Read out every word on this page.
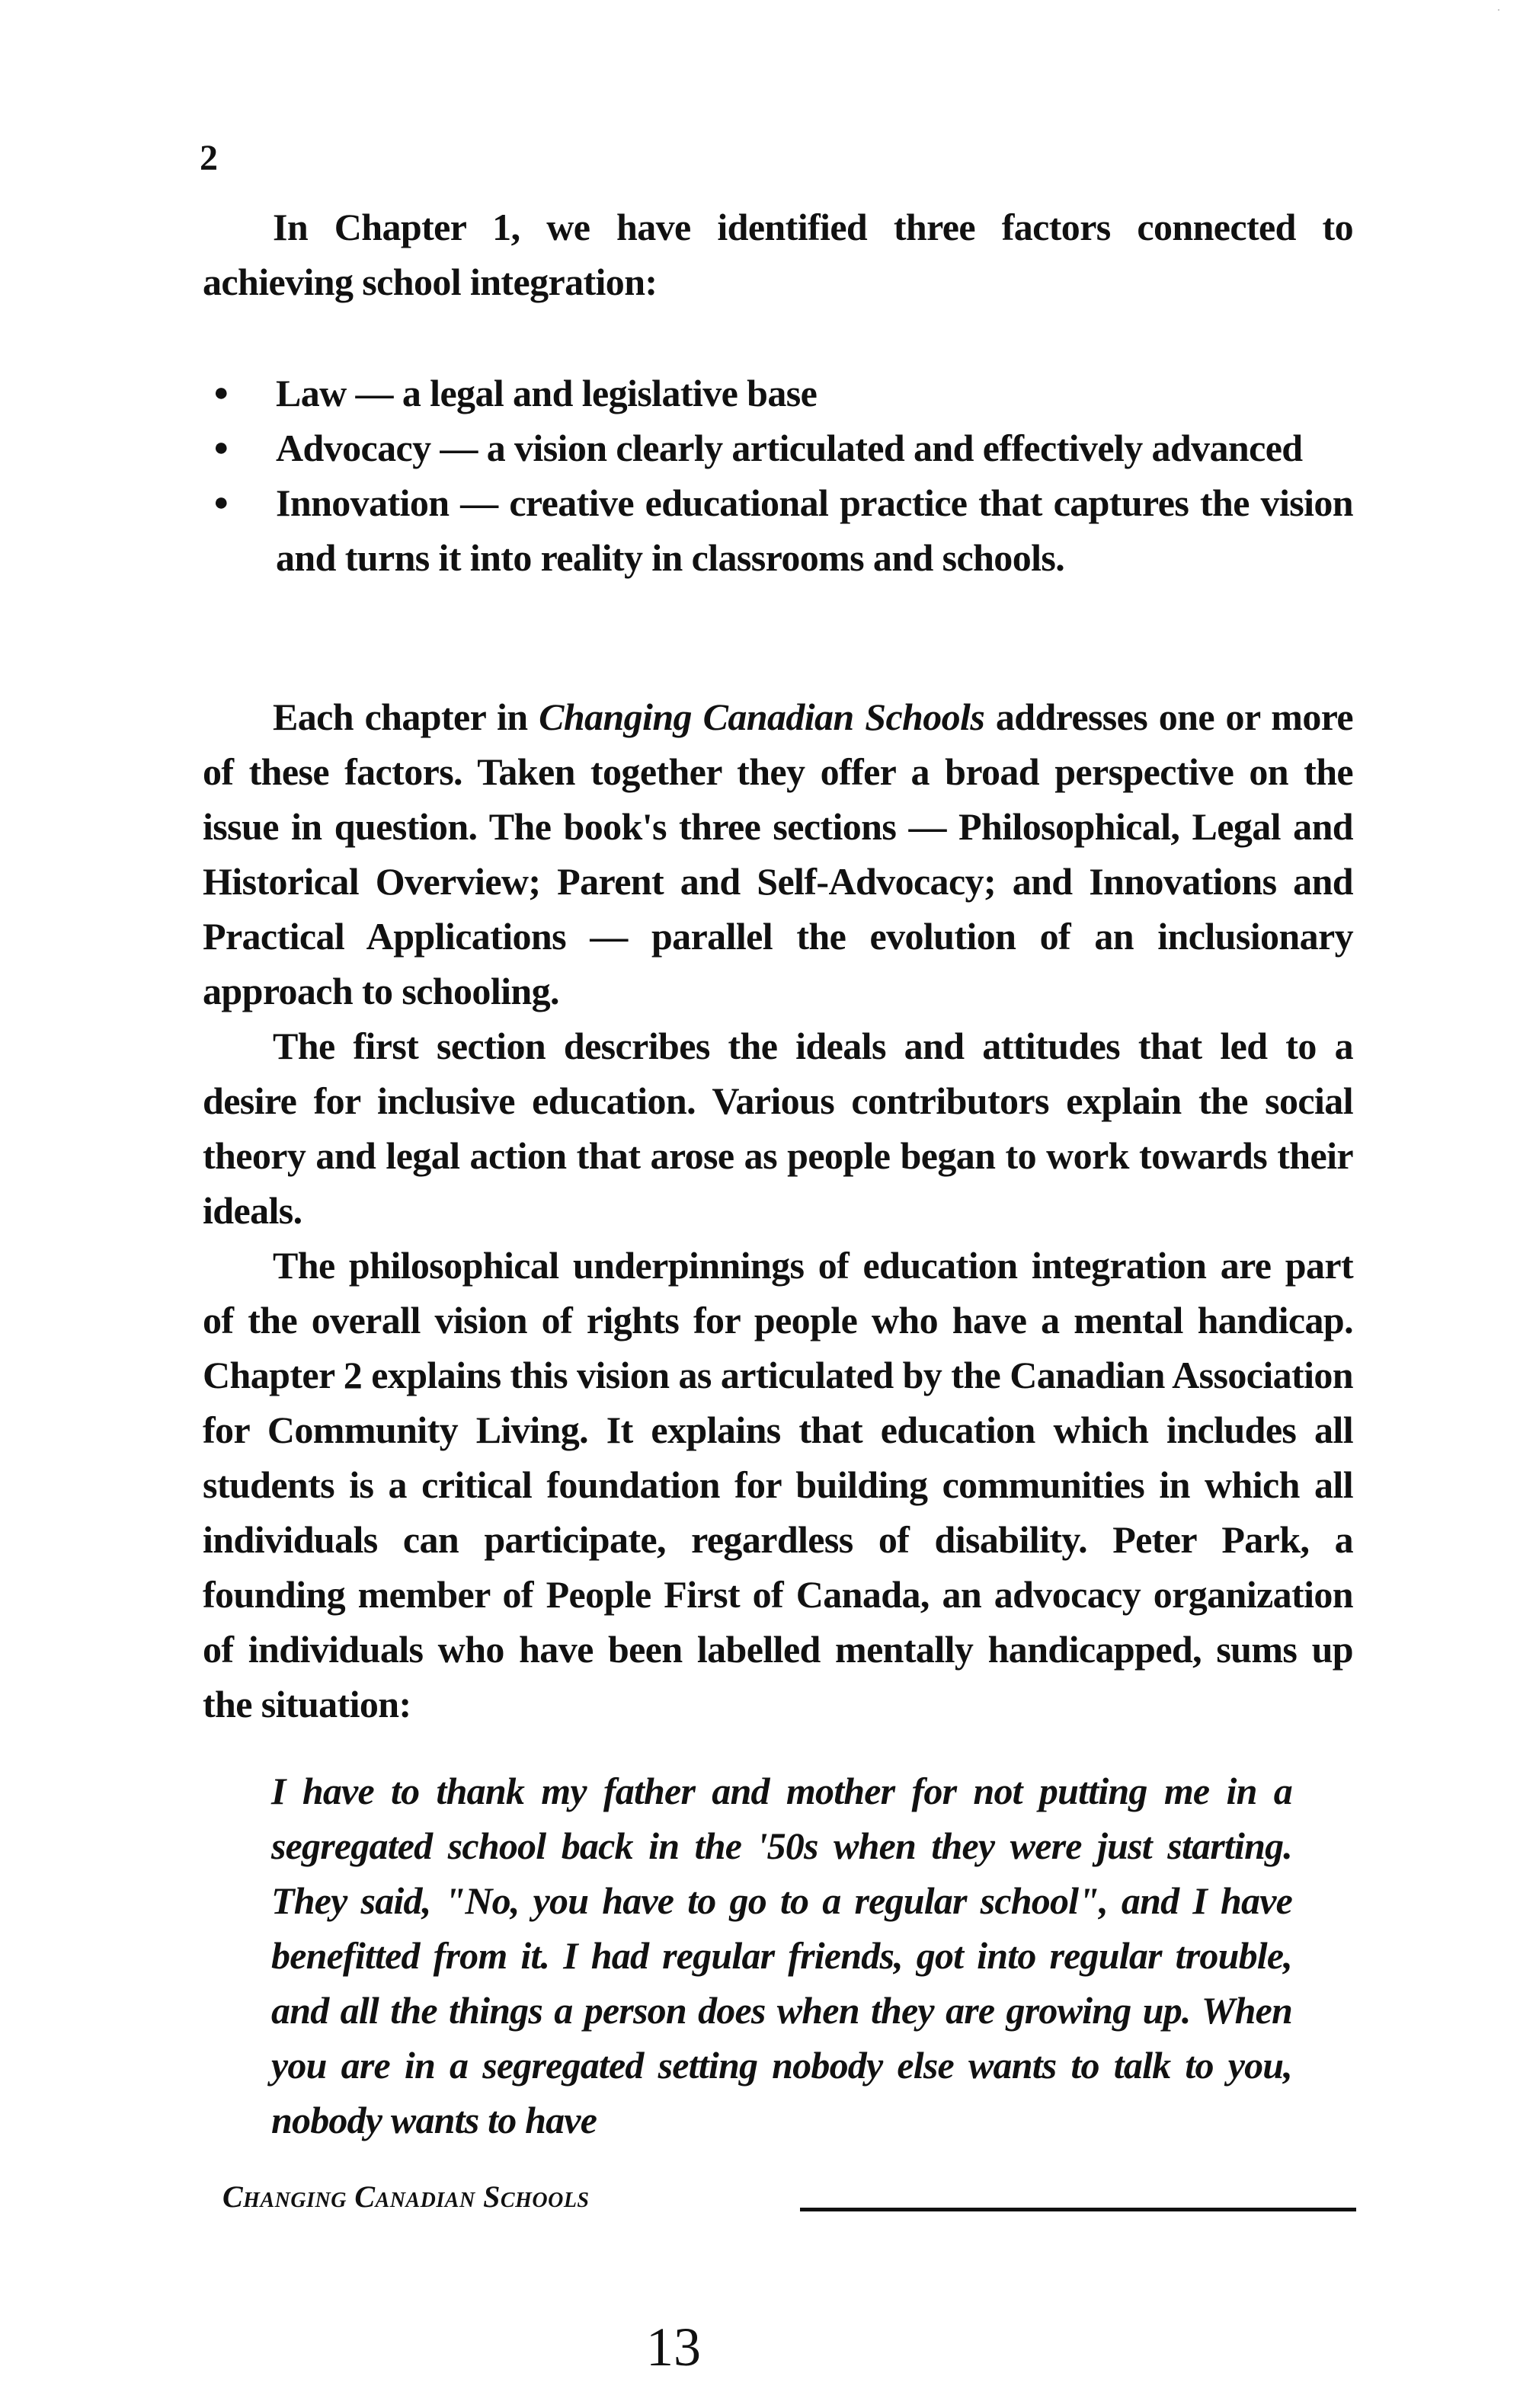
2

In Chapter 1, we have identified three factors connected to achieving school integration:

● Law — a legal and legislative base
● Advocacy — a vision clearly articulated and effectively advanced
● Innovation — creative educational practice that captures the vision and turns it into reality in classrooms and schools.

Each chapter in Changing Canadian Schools addresses one or more of these factors. Taken together they offer a broad perspective on the issue in question. The book's three sections — Philosophical, Legal and Historical Overview; Parent and Self-Advocacy; and Innovations and Practical Applications — parallel the evolution of an inclusionary approach to schooling.

The first section describes the ideals and attitudes that led to a desire for inclusive education. Various contributors explain the social theory and legal action that arose as people began to work towards their ideals.

The philosophical underpinnings of education integration are part of the overall vision of rights for people who have a mental handicap. Chapter 2 explains this vision as articulated by the Canadian Association for Community Living. It explains that education which includes all students is a critical foundation for building communities in which all individuals can participate, regardless of disability. Peter Park, a founding member of People First of Canada, an advocacy organization of individuals who have been labelled mentally handicapped, sums up the situation:

I have to thank my father and mother for not putting me in a segregated school back in the '50s when they were just starting. They said, "No, you have to go to a regular school", and I have benefitted from it. I had regular friends, got into regular trouble, and all the things a person does when they are growing up. When you are in a segregated setting nobody else wants to talk to you, nobody wants to have

Changing Canadian Schools
13
·
